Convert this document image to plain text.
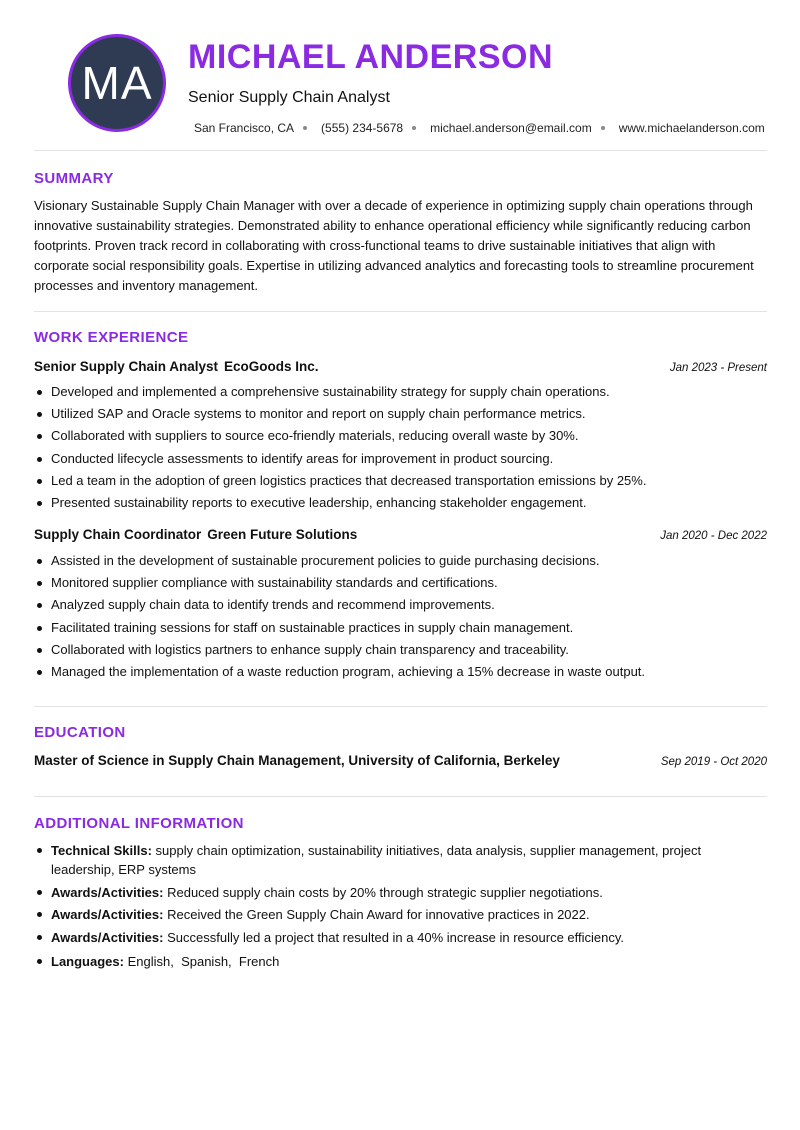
MA MICHAEL ANDERSON
Senior Supply Chain Analyst
San Francisco, CA (555) 234-5678 michael.anderson@email.com www.michaelanderson.com
SUMMARY

Visionary Sustainable Supply Chain Manager with over a decade of experience in optimizing supply chain operations through innovative sustainability strategies. Demonstrated ability to enhance operational efficiency while significantly reducing carbon footprints. Proven track record in collaborating with cross-functional teams to drive sustainable initiatives that align with corporate social responsibility goals. Expertise in utilizing advanced analytics and forecasting tools to streamline procurement processes and inventory management.

WORK EXPERIENCE
Senior Supply Chain Analyst EcoGoods Inc.	Jan 2023 - Present
Developed and implemented a comprehensive sustainability strategy for supply chain operations.
Utilized SAP and Oracle systems to monitor and report on supply chain performance metrics.
Collaborated with suppliers to source eco-friendly materials, reducing overall waste by 30%.
Conducted lifecycle assessments to identify areas for improvement in product sourcing.
Led a team in the adoption of green logistics practices that decreased transportation emissions by 25%.
Presented sustainability reports to executive leadership, enhancing stakeholder engagement.
Supply Chain Coordinator Green Future Solutions	Jan 2020 - Dec 2022
Assisted in the development of sustainable procurement policies to guide purchasing decisions.
Monitored supplier compliance with sustainability standards and certifications.
Analyzed supply chain data to identify trends and recommend improvements.
Facilitated training sessions for staff on sustainable practices in supply chain management.
Collaborated with logistics partners to enhance supply chain transparency and traceability.
Managed the implementation of a waste reduction program, achieving a 15% decrease in waste output.
EDUCATION
Master of Science in Supply Chain Management, University of California, Berkeley	Sep 2019 - Oct 2020
ADDITIONAL INFORMATION
Technical Skills: supply chain optimization, sustainability initiatives, data analysis, supplier management, project leadership, ERP systems
Awards/Activities: Reduced supply chain costs by 20% through strategic supplier negotiations.
Awards/Activities: Received the Green Supply Chain Award for innovative practices in 2022.
Awards/Activities: Successfully led a project that resulted in a 40% increase in resource efficiency.
Languages: English,  Spanish,  French
